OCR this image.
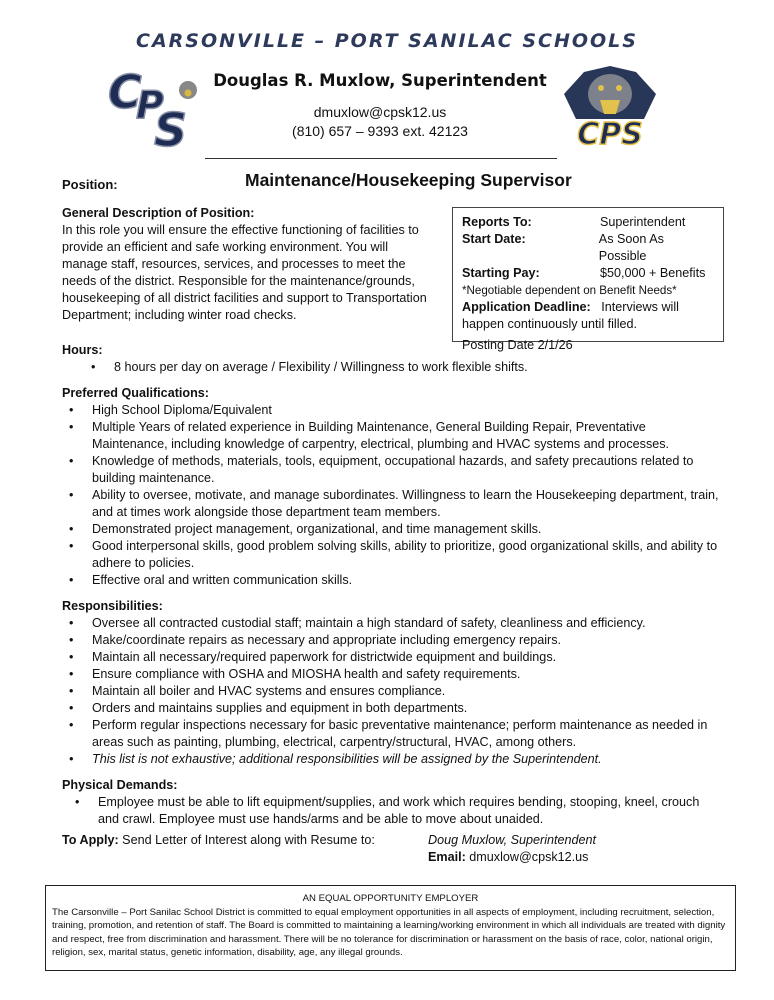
CARSONVILLE – PORT SANILAC SCHOOLS
C
P
S
Douglas R. Muxlow, Superintendent
dmuxlow@cpsk12.us
(810) 657 – 9393 ext. 42123	CPS
Position:	Maintenance/Housekeeping Supervisor
General Description of Position:
In this role you will ensure the effective functioning of facilities to
provide an efficient and safe working environment. You will
manage staff, resources, services, and processes to meet the
needs of the district. Responsible for the maintenance/grounds,
housekeeping of all district facilities and support to Transportation
Department; including winter road checks.
Reports To:	Superintendent
Start Date:	As Soon As Possible
Starting Pay:	$50,000 + Benefits
*Negotiable dependent on Benefit Needs*
Application Deadline: Interviews will
happen continuously until filled.
Posting Date 2/1/26
Hours:
• 8 hours per day on average / Flexibility / Willingness to work flexible shifts.
Preferred Qualifications:
• High School Diploma/Equivalent
• Multiple Years of related experience in Building Maintenance, General Building Repair, Preventative Maintenance, including knowledge of carpentry, electrical, plumbing and HVAC systems and processes.
• Knowledge of methods, materials, tools, equipment, occupational hazards, and safety precautions related to building maintenance.
• Ability to oversee, motivate, and manage subordinates. Willingness to learn the Housekeeping department, train, and at times work alongside those department team members.
• Demonstrated project management, organizational, and time management skills.
• Good interpersonal skills, good problem solving skills, ability to prioritize, good organizational skills, and ability to adhere to policies.
• Effective oral and written communication skills.
Responsibilities:
• Oversee all contracted custodial staff; maintain a high standard of safety, cleanliness and efficiency.
• Make/coordinate repairs as necessary and appropriate including emergency repairs.
• Maintain all necessary/required paperwork for districtwide equipment and buildings.
• Ensure compliance with OSHA and MIOSHA health and safety requirements.
• Maintain all boiler and HVAC systems and ensures compliance.
• Orders and maintains supplies and equipment in both departments.
• Perform regular inspections necessary for basic preventative maintenance; perform maintenance as needed in areas such as painting, plumbing, electrical, carpentry/structural, HVAC, among others.
• This list is not exhaustive; additional responsibilities will be assigned by the Superintendent.
Physical Demands:
• Employee must be able to lift equipment/supplies, and work which requires bending, stooping, kneel, crouch and crawl. Employee must use hands/arms and be able to move about unaided.
To Apply: Send Letter of Interest along with Resume to:	Doug Muxlow, Superintendent
Email: dmuxlow@cpsk12.us
AN EQUAL OPPORTUNITY EMPLOYER
The Carsonville – Port Sanilac School District is committed to equal employment opportunities in all aspects of employment, including recruitment, selection, training, promotion, and retention of staff. The Board is committed to maintaining a learning/working environment in which all individuals are treated with dignity and respect, free from discrimination and harassment. There will be no tolerance for discrimination or harassment on the basis of race, color, national origin, religion, sex, marital status, genetic information, disability, age, any illegal grounds.
